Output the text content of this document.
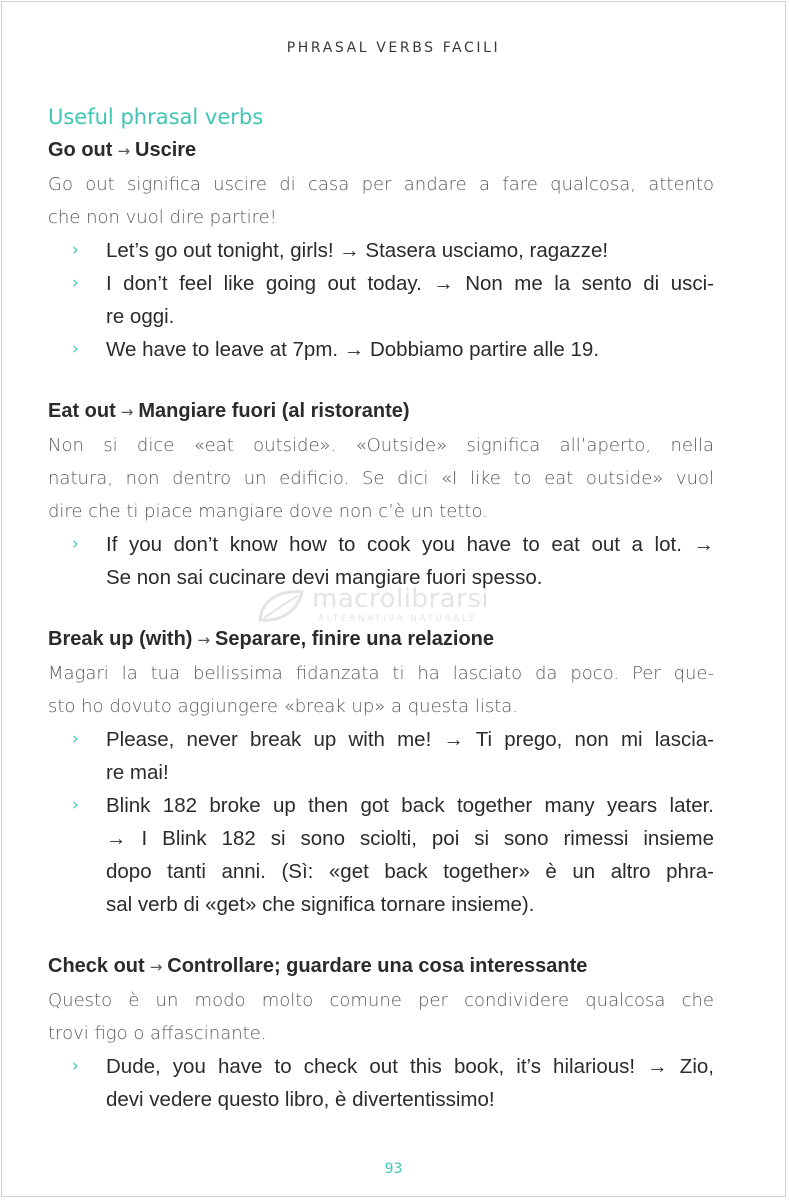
PHRASAL VERBS FACILI
macrolibrarsi
ALTERNATIVA NATURALE
Useful phrasal verbs
Go out → Uscire
Go out significa uscire di casa per andare a fare qualcosa, attento
che non vuol dire partire!
› Let’s go out tonight, girls! → Stasera usciamo, ragazze!
› I don’t feel like going out today. → Non me la sento di usci-
re oggi.
› We have to leave at 7pm. → Dobbiamo partire alle 19.
Eat out → Mangiare fuori (al ristorante)
Non si dice «eat outside». «Outside» significa all’aperto, nella
natura, non dentro un edificio. Se dici «I like to eat outside» vuol
dire che ti piace mangiare dove non c’è un tetto.
› If you don’t know how to cook you have to eat out a lot. →
Se non sai cucinare devi mangiare fuori spesso.
Break up (with) → Separare, finire una relazione
Magari la tua bellissima fidanzata ti ha lasciato da poco. Per que-
sto ho dovuto aggiungere «break up» a questa lista.
› Please, never break up with me! → Ti prego, non mi lascia-
re mai!
› Blink 182 broke up then got back together many years later.
→ I Blink 182 si sono sciolti, poi si sono rimessi insieme
dopo tanti anni. (Sì: «get back together» è un altro phra-
sal verb di «get» che significa tornare insieme).
Check out → Controllare; guardare una cosa interessante
Questo è un modo molto comune per condividere qualcosa che
trovi figo o affascinante.
› Dude, you have to check out this book, it’s hilarious! → Zio,
devi vedere questo libro, è divertentissimo!
93
